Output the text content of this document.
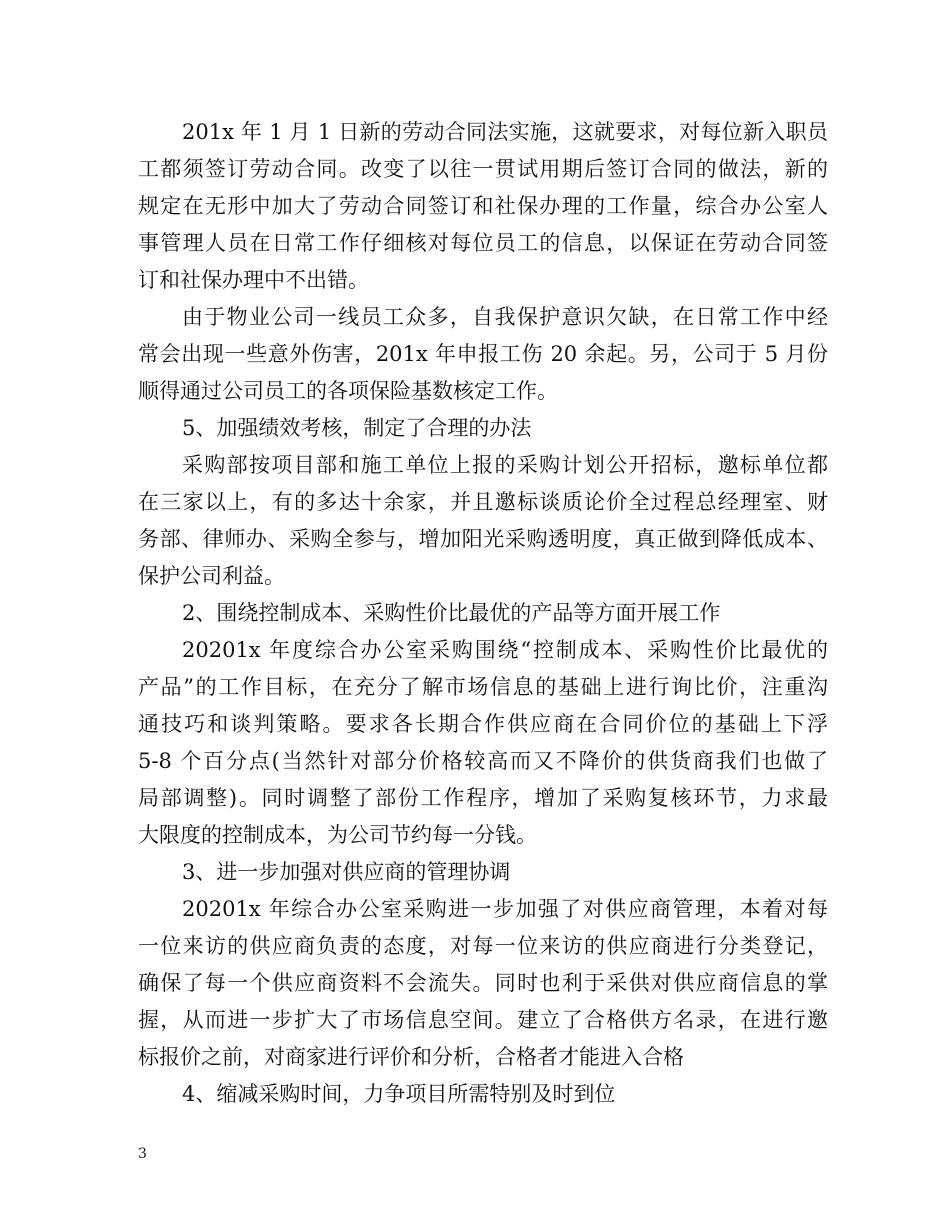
201x 年 1 月 1 日新的劳动合同法实施，这就要求，对每位新入职员
工都须签订劳动合同。改变了以往一贯试用期后签订合同的做法，新的
规定在无形中加大了劳动合同签订和社保办理的工作量，综合办公室人
事管理人员在日常工作仔细核对每位员工的信息，以保证在劳动合同签
订和社保办理中不出错。
由于物业公司一线员工众多，自我保护意识欠缺，在日常工作中经
常会出现一些意外伤害，201x 年申报工伤 20 余起。另，公司于 5 月份
顺得通过公司员工的各项保险基数核定工作。
5、加强绩效考核，制定了合理的办法
采购部按项目部和施工单位上报的采购计划公开招标，邀标单位都
在三家以上，有的多达十余家，并且邀标谈质论价全过程总经理室、财
务部、律师办、采购全参与，增加阳光采购透明度，真正做到降低成本、
保护公司利益。
2、围绕控制成本、采购性价比最优的产品等方面开展工作
20201x 年度综合办公室采购围绕“控制成本、采购性价比最优的
产品”的工作目标，在充分了解市场信息的基础上进行询比价，注重沟
通技巧和谈判策略。要求各长期合作供应商在合同价位的基础上下浮
5-8 个百分点(当然针对部分价格较高而又不降价的供货商我们也做了
局部调整)。同时调整了部份工作程序，增加了采购复核环节，力求最
大限度的控制成本，为公司节约每一分钱。
3、进一步加强对供应商的管理协调
20201x 年综合办公室采购进一步加强了对供应商管理，本着对每
一位来访的供应商负责的态度，对每一位来访的供应商进行分类登记，
确保了每一个供应商资料不会流失。同时也利于采供对供应商信息的掌
握，从而进一步扩大了市场信息空间。建立了合格供方名录，在进行邀
标报价之前，对商家进行评价和分析，合格者才能进入合格
4、缩减采购时间，力争项目所需特别及时到位
3
